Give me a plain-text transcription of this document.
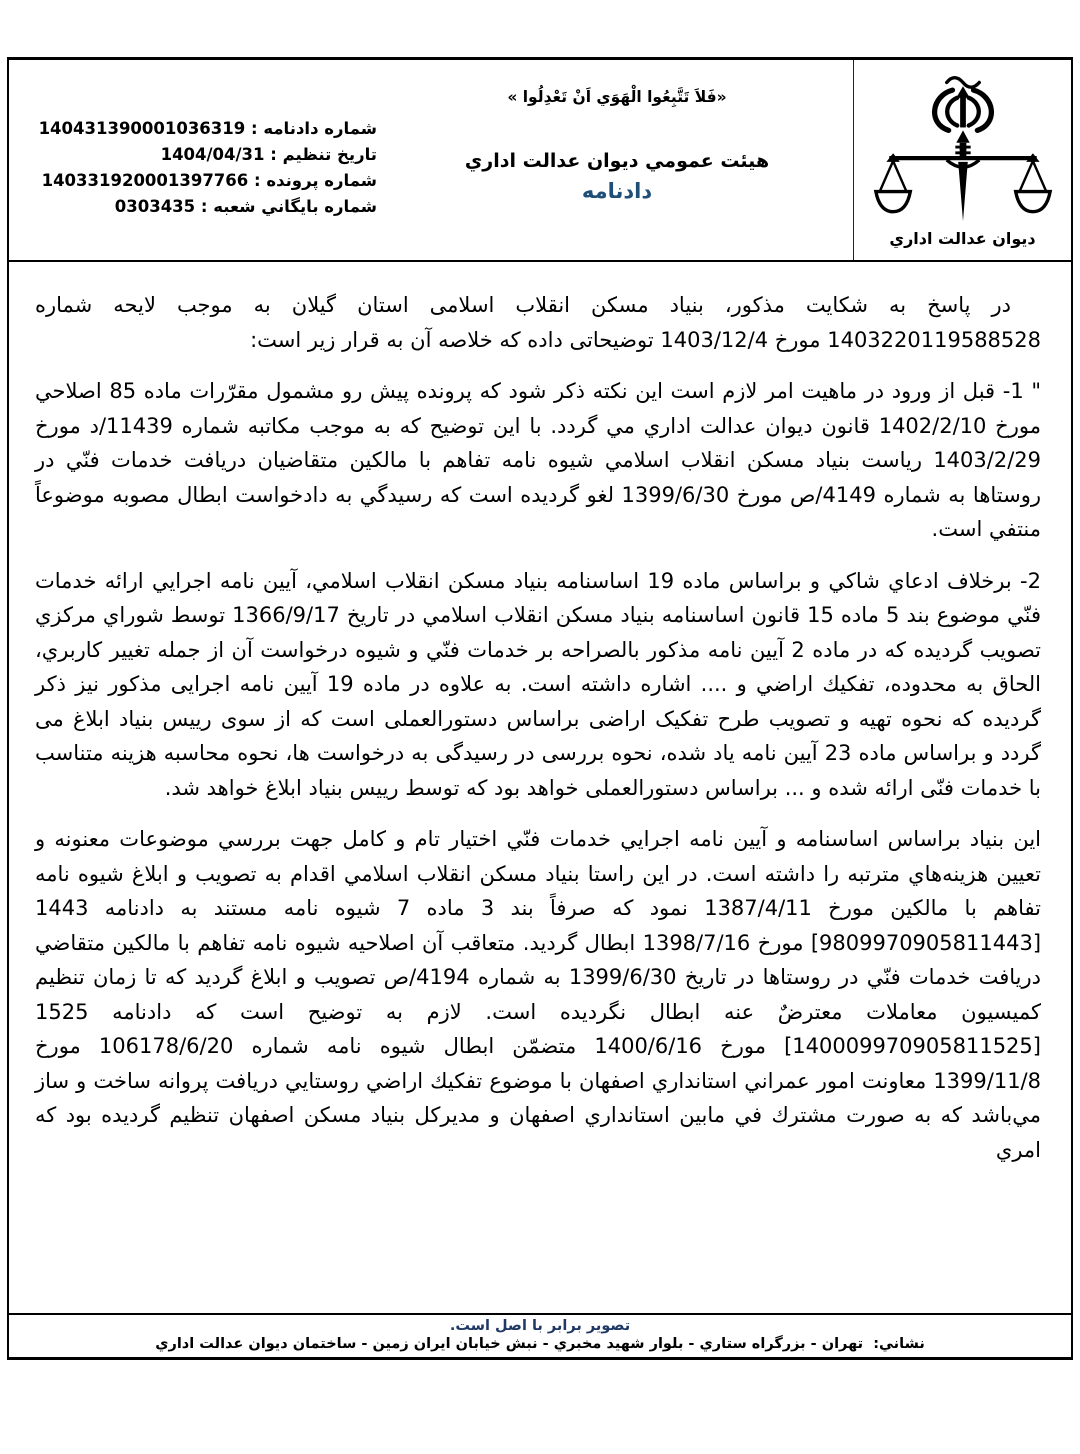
شماره دادنامه : 140431390001036319
تاریخ تنظیم : 1404/04/31
شماره پرونده : 140331920001397766
شماره بایگاني شعبه : 0303435
«فَلاَ تَتَّبِعُوا الْهَوَي اَنْ تَعْدِلُوا »
هیئت عمومي دیوان عدالت اداري
دادنامه
دیوان عدالت اداري

در پاسخ به شکایت مذکور، بنیاد مسکن انقلاب اسلامی استان گیلان به موجب لایحه شماره 1403220119588528 مورخ 1403/12/4 توضیحاتی داده که خلاصه آن به قرار زیر است:

" 1- قبل از ورود در ماهیت امر لازم است این نکته ذکر شود که پرونده پیش رو مشمول مقرّرات ماده 85 اصلاحي مورخ 1402/2/10 قانون دیوان عدالت اداري مي گردد. با این توضیح که به موجب مکاتبه شماره 11439/د مورخ 1403/2/29 ریاست بنیاد مسکن انقلاب اسلامي شیوه نامه تفاهم با مالکین متقاضیان دریافت خدمات فنّي در روستاها به شماره 4149/ص مورخ 1399/6/30 لغو گردیده است که رسیدگي به دادخواست ابطال مصوبه موضوعاً منتفي است.

2- برخلاف ادعاي شاکي و براساس ماده 19 اساسنامه بنیاد مسکن انقلاب اسلامي، آیین نامه اجرایي ارائه خدمات فنّي موضوع بند 5 ماده 15 قانون اساسنامه بنیاد مسکن انقلاب اسلامي در تاریخ 1366/9/17 توسط شوراي مرکزي تصویب گردیده که در ماده 2 آیین نامه مذکور بالصراحه بر خدمات فنّي و شیوه درخواست آن از جمله تغییر کاربري، الحاق به محدوده، تفکیك اراضي و .... اشاره داشته است. به علاوه در ماده 19 آیین نامه اجرایی مذکور نیز ذکر گردیده که نحوه تهیه و تصویب طرح تفکیک اراضی براساس دستورالعملی است که از سوی رییس بنیاد ابلاغ می گردد و براساس ماده 23 آیین نامه یاد شده، نحوه بررسی در رسیدگی به درخواست ها، نحوه محاسبه هزینه متناسب با خدمات فنّی ارائه شده و ... براساس دستورالعملی خواهد بود که توسط رییس بنیاد ابلاغ خواهد شد.

این بنیاد براساس اساسنامه و آیین نامه اجرایي خدمات فنّي اختیار تام و کامل جهت بررسي موضوعات معنونه و تعیین هزینه‌هاي مترتبه را داشته است. در این راستا بنیاد مسکن انقلاب اسلامي اقدام به تصویب و ابلاغ شیوه نامه تفاهم با مالکین مورخ 1387/4/11 نمود که صرفاً بند 3 ماده 7 شیوه نامه مستند به دادنامه 1443 [9809970905811443] مورخ 1398/7/16 ابطال گردید. متعاقب آن اصلاحیه شیوه نامه تفاهم با مالکین متقاضي دریافت خدمات فنّي در روستاها در تاریخ 1399/6/30 به شماره 4194/ص تصویب و ابلاغ گردید که تا زمان تنظیم کمیسیون معاملات معترضٌ عنه ابطال نگردیده است. لازم به توضیح است که دادنامه 1525 [140009970905811525] مورخ 1400/6/16 متضمّن ابطال شیوه نامه شماره 106178/6/20 مورخ 1399/11/8 معاونت امور عمراني استانداري اصفهان با موضوع تفکیك اراضي روستایي دریافت پروانه ساخت و ساز مي‌باشد که به صورت مشترك في مابین استانداري اصفهان و مدیرکل بنیاد مسکن اصفهان تنظیم گردیده بود که امري

تصویر برابر با اصل است.
نشاني:  تهران - بزرگراه ستاري - بلوار شهید مخبري - نبش خیابان ایران زمین - ساختمان دیوان عدالت اداري
